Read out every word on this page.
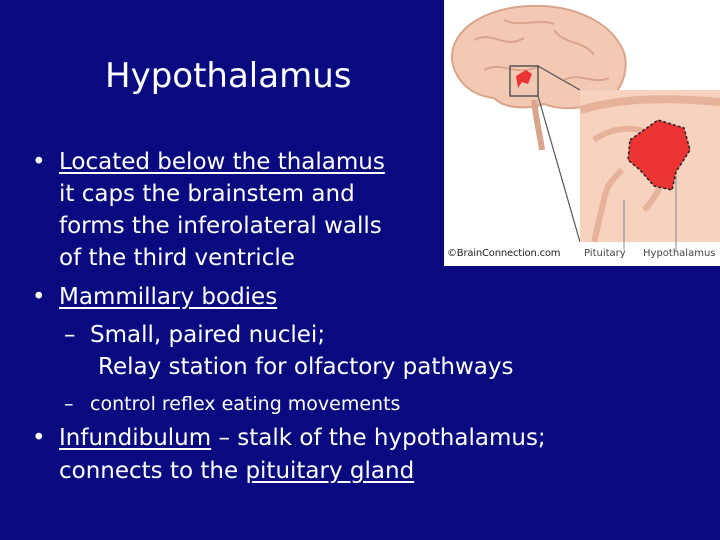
Hypothalamus
©BrainConnection.com Pituitary Hypothalamus
• Located below the thalamus
it caps the brainstem and
forms the inferolateral walls
of the third ventricle
• Mammillary bodies
– Small, paired nuclei;
Relay station for olfactory pathways
– control reflex eating movements
• Infundibulum – stalk of the hypothalamus;
connects to the pituitary gland
